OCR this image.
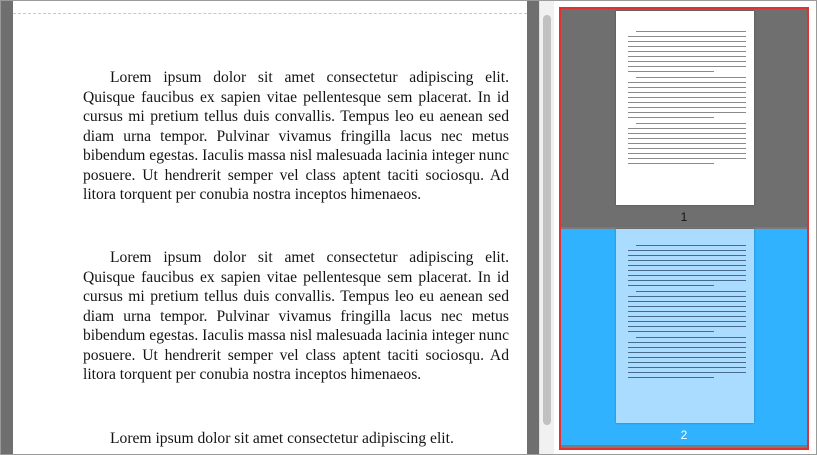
Lorem ipsum dolor sit amet consectetur adipiscing elit. Quisque faucibus ex sapien vitae pellentesque sem placerat. In id cursus mi pretium tellus duis convallis. Tempus leo eu aenean sed diam urna tempor. Pulvinar vivamus fringilla lacus nec metus bibendum egestas. Iaculis massa nisl malesuada lacinia integer nunc posuere. Ut hendrerit semper vel class aptent taciti sociosqu. Ad litora torquent per conubia nostra inceptos himenaeos.

Lorem ipsum dolor sit amet consectetur adipiscing elit. Quisque faucibus ex sapien vitae pellentesque sem placerat. In id cursus mi pretium tellus duis convallis. Tempus leo eu aenean sed diam urna tempor. Pulvinar vivamus fringilla lacus nec metus bibendum egestas. Iaculis massa nisl malesuada lacinia integer nunc posuere. Ut hendrerit semper vel class aptent taciti sociosqu. Ad litora torquent per conubia nostra inceptos himenaeos.

Lorem ipsum dolor sit amet consectetur adipiscing elit.

1
2
